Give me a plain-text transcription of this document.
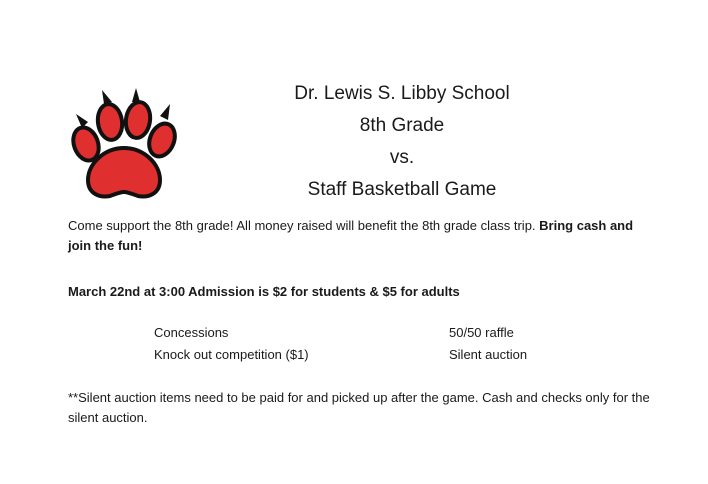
Dr. Lewis S. Libby School
8th Grade
vs.
Staff Basketball Game
Come support the 8th grade! All money raised will benefit the 8th grade class trip. Bring cash and join the fun!
March 22nd at 3:00 Admission is $2 for students & $5 for adults
Concessions
Knock out competition ($1)
50/50 raffle
Silent auction
**Silent auction items need to be paid for and picked up after the game. Cash and checks only for the silent auction.
